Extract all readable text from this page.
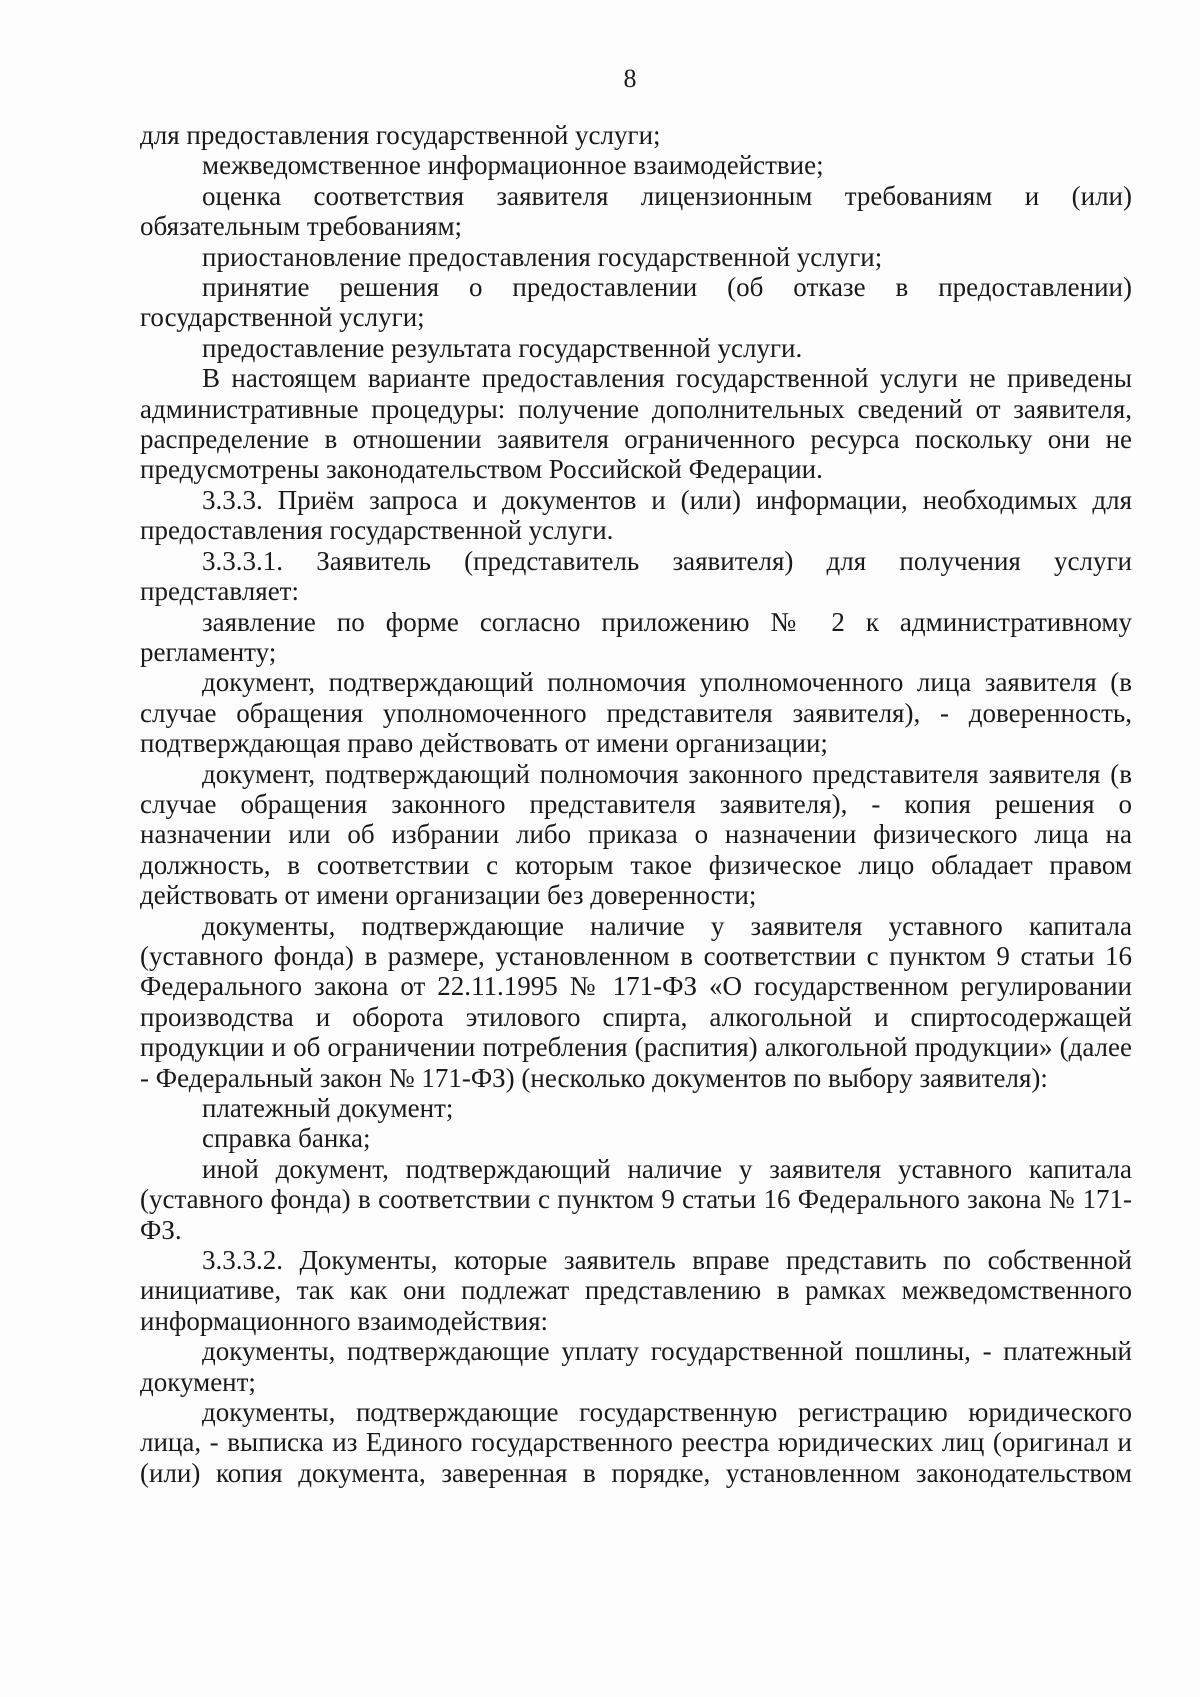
8

для предоставления государственной услуги;

межведомственное информационное взаимодействие;

оценка соответствия заявителя лицензионным требованиям и (или) обязательным требованиям;

приостановление предоставления государственной услуги;

принятие решения о предоставлении (об отказе в предоставлении) государственной услуги;

предоставление результата государственной услуги.

В настоящем варианте предоставления государственной услуги не приведены административные процедуры: получение дополнительных сведений от заявителя, распределение в отношении заявителя ограниченного ресурса поскольку они не предусмотрены законодательством Российской Федерации.

3.3.3. Приём запроса и документов и (или) информации, необходимых для предоставления государственной услуги.

3.3.3.1. Заявитель (представитель заявителя) для получения услуги представляет:

заявление по форме согласно приложению № 2 к административному регламенту;

документ, подтверждающий полномочия уполномоченного лица заявителя (в случае обращения уполномоченного представителя заявителя), - доверенность, подтверждающая право действовать от имени организации;

документ, подтверждающий полномочия законного представителя заявителя (в случае обращения законного представителя заявителя), - копия решения о назначении или об избрании либо приказа о назначении физического лица на должность, в соответствии с которым такое физическое лицо обладает правом действовать от имени организации без доверенности;

документы, подтверждающие наличие у заявителя уставного капитала (уставного фонда) в размере, установленном в соответствии с пунктом 9 статьи 16 Федерального закона от 22.11.1995 № 171-ФЗ «О государственном регулировании производства и оборота этилового спирта, алкогольной и спиртосодержащей продукции и об ограничении потребления (распития) алкогольной продукции» (далее - Федеральный закон № 171-ФЗ) (несколько документов по выбору заявителя):

платежный документ;

справка банка;

иной документ, подтверждающий наличие у заявителя уставного капитала (уставного фонда) в соответствии с пунктом 9 статьи 16 Федерального закона № 171-ФЗ.

3.3.3.2. Документы, которые заявитель вправе представить по собственной инициативе, так как они подлежат представлению в рамках межведомственного информационного взаимодействия:

документы, подтверждающие уплату государственной пошлины, - платежный документ;

документы, подтверждающие государственную регистрацию юридического лица, - выписка из Единого государственного реестра юридических лиц (оригинал и (или) копия документа, заверенная в порядке, установленном законодательством
